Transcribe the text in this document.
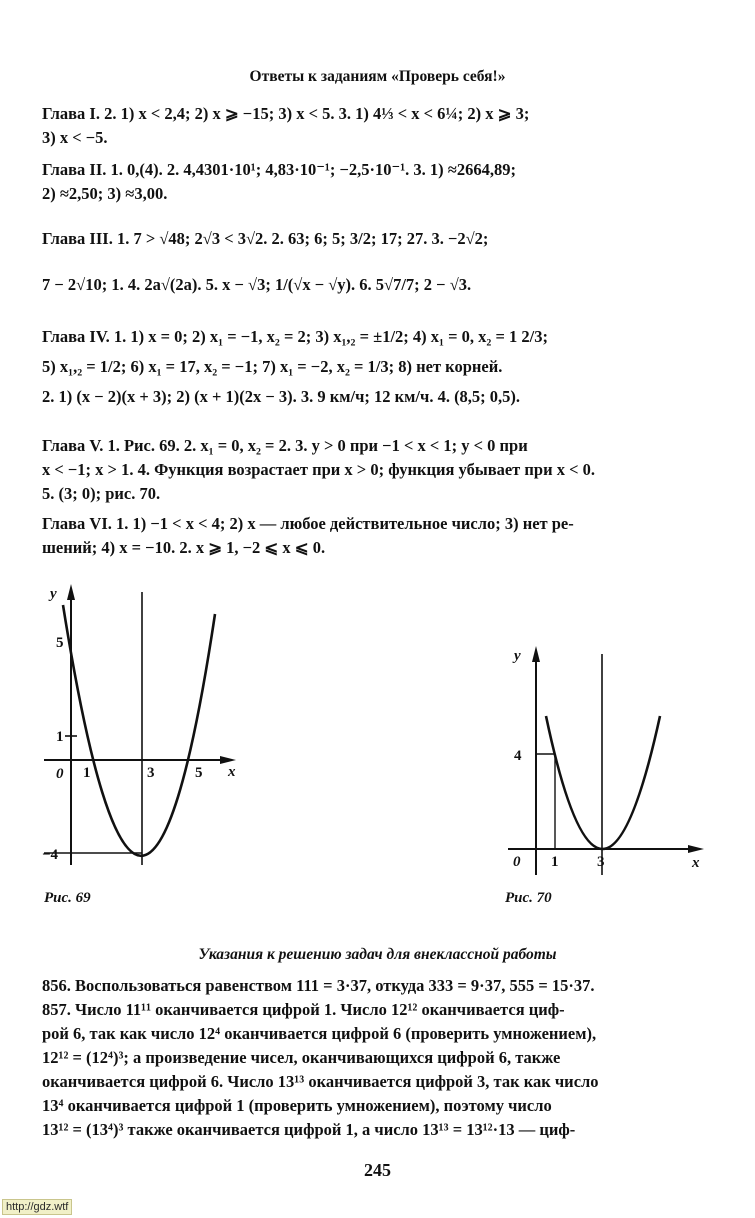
Ответы к заданиям «Проверь себя!»
Глава I. 2. 1) x < 2,4; 2) x ⩾ −15; 3) x < 5. 3. 1) 4⅓ < x < 6¼; 2) x ⩾ 3;
3) x < −5.
Глава II. 1. 0,(4). 2. 4,4301·10¹; 4,83·10⁻¹; −2,5·10⁻¹. 3. 1) ≈2664,89;
2) ≈2,50; 3) ≈3,00.
Глава III. 1. 7 > √48; 2√3 < 3√2. 2. 63; 6; 5; 3/2; 17; 27. 3. −2√2;
7 − 2√10; 1. 4. 2a√(2a). 5. x − √3; 1/(√x − √y). 6. 5√7/7; 2 − √3.
Глава IV. 1. 1) x = 0; 2) x₁ = −1, x₂ = 2; 3) x₁,₂ = ±1/2; 4) x₁ = 0, x₂ = 1 2/3;
5) x₁,₂ = 1/2; 6) x₁ = 17, x₂ = −1; 7) x₁ = −2, x₂ = 1/3; 8) нет корней.
2. 1) (x − 2)(x + 3); 2) (x + 1)(2x − 3). 3. 9 км/ч; 12 км/ч. 4. (8,5; 0,5).
Глава V. 1. Рис. 69. 2. x₁ = 0, x₂ = 2. 3. y > 0 при −1 < x < 1; y < 0 при
x < −1; x > 1. 4. Функция возрастает при x > 0; функция убывает при x < 0.
5. (3; 0); рис. 70.
Глава VI. 1. 1) −1 < x < 4; 2) x — любое действительное число; 3) нет ре-
шений; 4) x = −10. 2. x ⩾ 1, −2 ⩽ x ⩽ 0.
y
x
0 1	3	5
5
1
−4
Рис. 69
y
x
0 1	3
4
Рис. 70
Указания к решению задач для внеклассной работы
856. Воспользоваться равенством 111 = 3·37, откуда 333 = 9·37, 555 = 15·37.
857. Число 11¹¹ оканчивается цифрой 1. Число 12¹² оканчивается циф-
рой 6, так как число 12⁴ оканчивается цифрой 6 (проверить умножением),
12¹² = (12⁴)³; а произведение чисел, оканчивающихся цифрой 6, также
оканчивается цифрой 6. Число 13¹³ оканчивается цифрой 3, так как число
13⁴ оканчивается цифрой 1 (проверить умножением), поэтому число
13¹² = (13⁴)³ также оканчивается цифрой 1, а число 13¹³ = 13¹²·13 — циф-
245
http://gdz.wtf
